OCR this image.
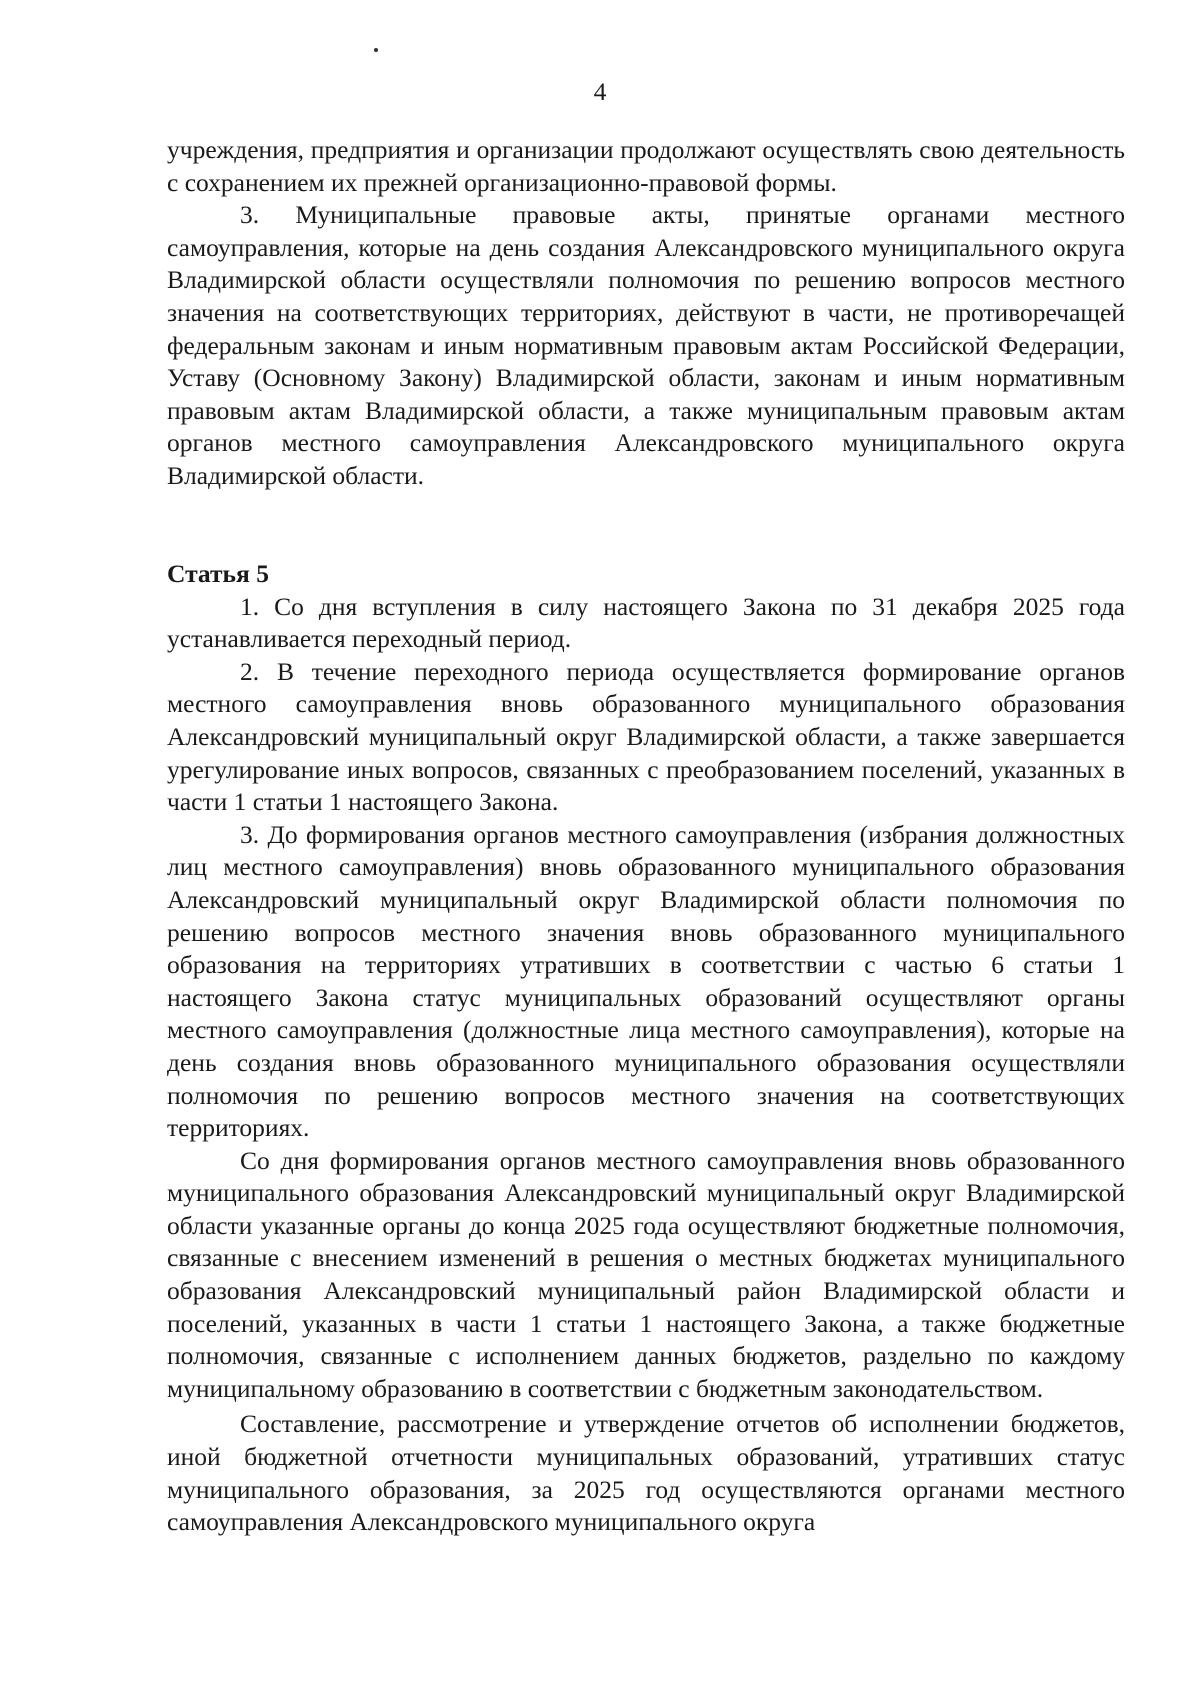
4

учреждения, предприятия и организации продолжают осуществлять свою деятельность с сохранением их прежней организационно-правовой формы.

3. Муниципальные правовые акты, принятые органами местного самоуправления, которые на день создания Александровского муниципального округа Владимирской области осуществляли полномочия по решению вопросов местного значения на соответствующих территориях, действуют в части, не противоречащей федеральным законам и иным нормативным правовым актам Российской Федерации, Уставу (Основному Закону) Владимирской области, законам и иным нормативным правовым актам Владимирской области, а также муниципальным правовым актам органов местного самоуправления Александровского муниципального округа Владимирской области.

Статья 5

1. Со дня вступления в силу настоящего Закона по 31 декабря 2025 года устанавливается переходный период.

2. В течение переходного периода осуществляется формирование органов местного самоуправления вновь образованного муниципального образования Александровский муниципальный округ Владимирской области, а также завершается урегулирование иных вопросов, связанных с преобразованием поселений, указанных в части 1 статьи 1 настоящего Закона.

3. До формирования органов местного самоуправления (избрания должностных лиц местного самоуправления) вновь образованного муниципального образования Александровский муниципальный округ Владимирской области полномочия по решению вопросов местного значения вновь образованного муниципального образования на территориях утративших в соответствии с частью 6 статьи 1 настоящего Закона статус муниципальных образований осуществляют органы местного самоуправления (должностные лица местного самоуправления), которые на день создания вновь образованного муниципального образования осуществляли полномочия по решению вопросов местного значения на соответствующих территориях.

Со дня формирования органов местного самоуправления вновь образованного муниципального образования Александровский муниципальный округ Владимирской области указанные органы до конца 2025 года осуществляют бюджетные полномочия, связанные с внесением изменений в решения о местных бюджетах муниципального образования Александровский муниципальный район Владимирской области и поселений, указанных в части 1 статьи 1 настоящего Закона, а также бюджетные полномочия, связанные с исполнением данных бюджетов, раздельно по каждому муниципальному образованию в соответствии с бюджетным законодательством.

Составление, рассмотрение и утверждение отчетов об исполнении бюджетов, иной бюджетной отчетности муниципальных образований, утративших статус муниципального образования, за 2025 год осуществляются органами местного самоуправления Александровского муниципального округа
